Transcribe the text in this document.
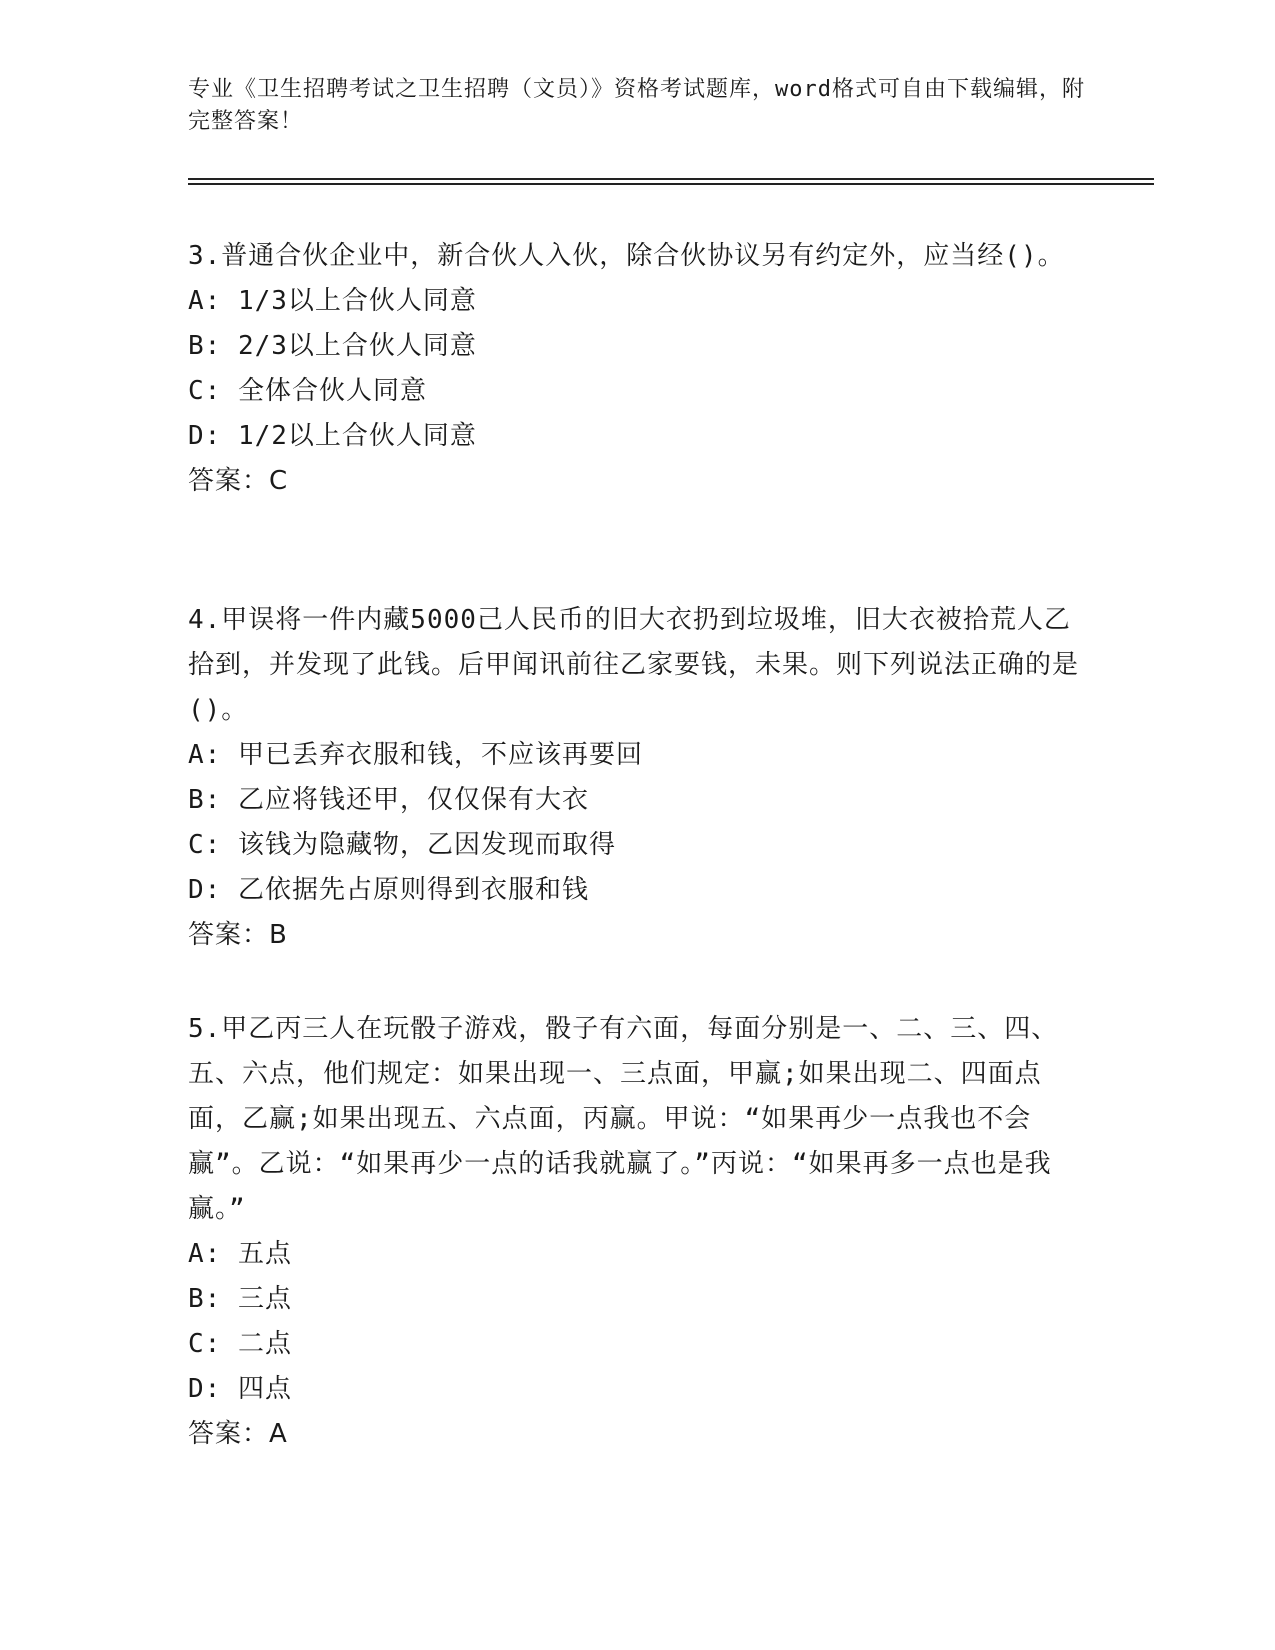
专业《卫生招聘考试之卫生招聘（文员）》资格考试题库，word格式可自由下载编辑，附完整答案！

3.普通合伙企业中，新合伙人入伙，除合伙协议另有约定外，应当经()。

A: 1/3以上合伙人同意

B: 2/3以上合伙人同意

C: 全体合伙人同意

D: 1/2以上合伙人同意

答案：C

4.甲误将一件内藏5000己人民币的旧大衣扔到垃圾堆，旧大衣被拾荒人乙拾到，并发现了此钱。后甲闻讯前往乙家要钱，未果。则下列说法正确的是()。

A: 甲已丢弃衣服和钱，不应该再要回

B: 乙应将钱还甲，仅仅保有大衣

C: 该钱为隐藏物，乙因发现而取得

D: 乙依据先占原则得到衣服和钱

答案：B

5.甲乙丙三人在玩骰子游戏，骰子有六面，每面分别是一、二、三、四、五、六点，他们规定：如果出现一、三点面，甲赢;如果出现二、四面点面，乙赢;如果出现五、六点面，丙赢。甲说：“如果再少一点我也不会赢”。乙说：“如果再少一点的话我就赢了。”丙说：“如果再多一点也是我赢。”

A: 五点

B: 三点

C: 二点

D: 四点

答案：A
